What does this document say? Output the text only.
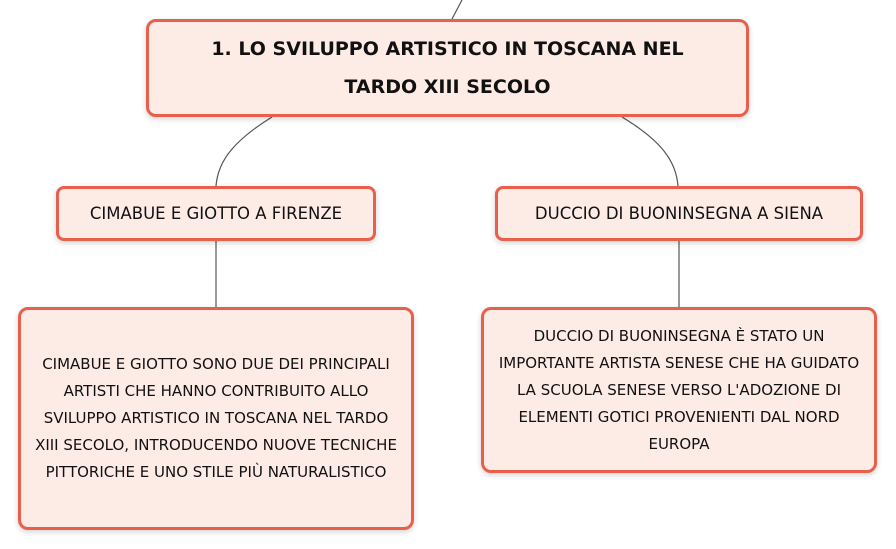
1. LO SVILUPPO ARTISTICO IN TOSCANA NEL TARDO XIII SECOLO
CIMABUE E GIOTTO A FIRENZE	DUCCIO DI BUONINSEGNA A SIENA
CIMABUE E GIOTTO SONO DUE DEI PRINCIPALI ARTISTI CHE HANNO CONTRIBUITO ALLO SVILUPPO ARTISTICO IN TOSCANA NEL TARDO XIII SECOLO, INTRODUCENDO NUOVE TECNICHE PITTORICHE E UNO STILE PIÙ NATURALISTICO
DUCCIO DI BUONINSEGNA È STATO UN IMPORTANTE ARTISTA SENESE CHE HA GUIDATO LA SCUOLA SENESE VERSO L'ADOZIONE DI ELEMENTI GOTICI PROVENIENTI DAL NORD EUROPA
